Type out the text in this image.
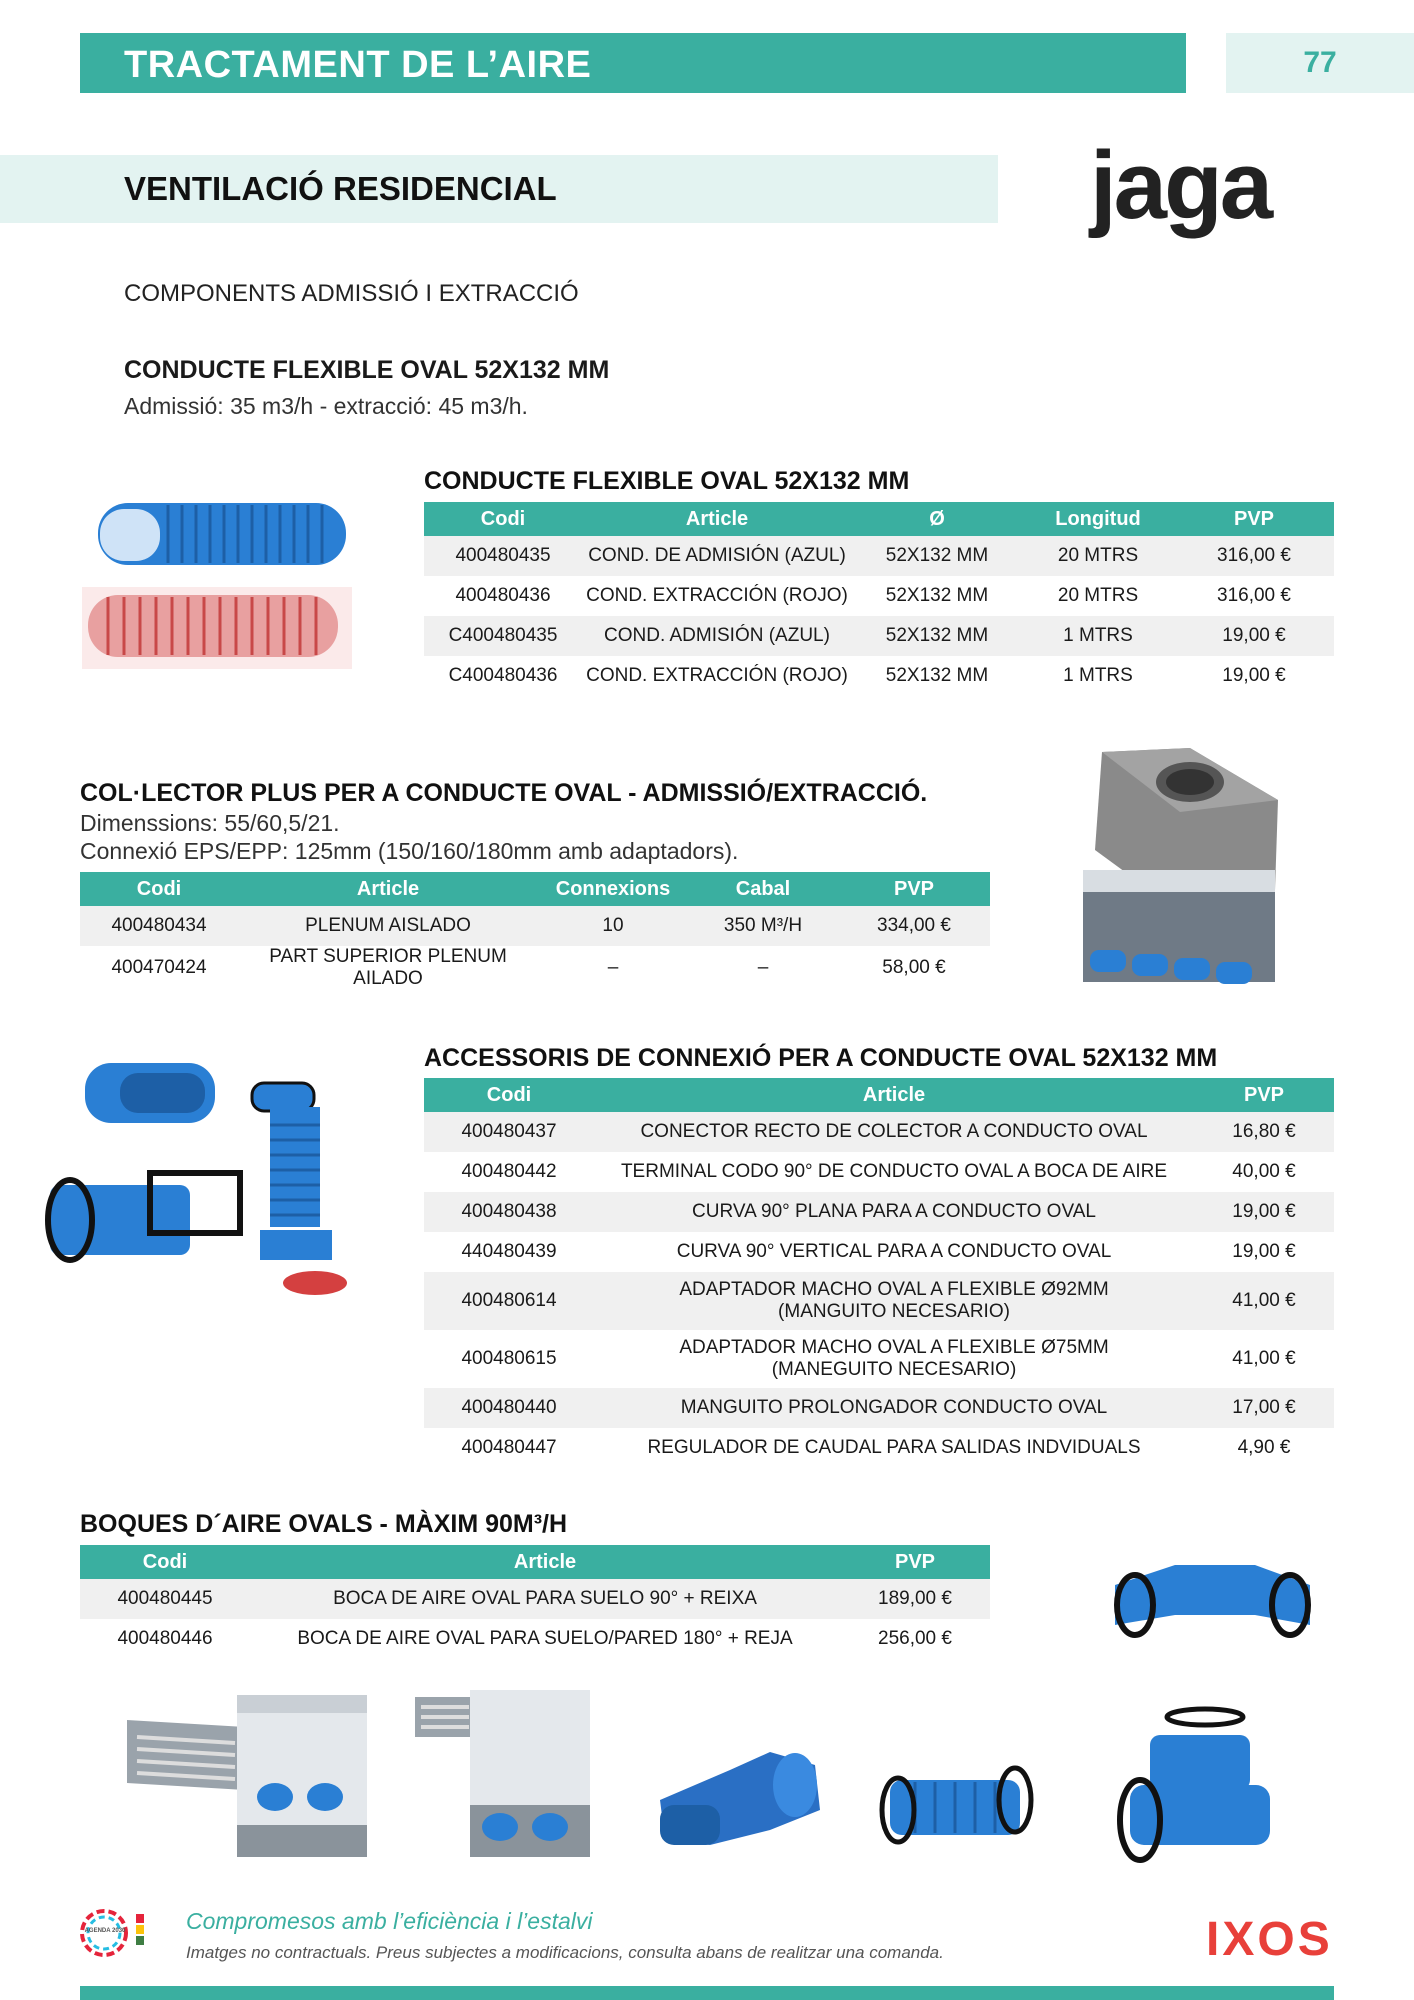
TRACTAMENT DE L’AIRE	77
VENTILACIÓ RESIDENCIAL	jaga
COMPONENTS ADMISSIÓ I EXTRACCIÓ
CONDUCTE FLEXIBLE OVAL 52X132 MM
Admissió: 35 m3/h - extracció: 45 m3/h.
CONDUCTE FLEXIBLE OVAL 52X132 MM
Codi	Article	Ø	Longitud	PVP
400480435	COND. DE ADMISIÓN (AZUL)	52X132 MM	20 MTRS	316,00 €
400480436	COND. EXTRACCIÓN (ROJO)	52X132 MM	20 MTRS	316,00 €
C400480435	COND. ADMISIÓN (AZUL)	52X132 MM	1 MTRS	19,00 €
C400480436	COND. EXTRACCIÓN (ROJO)	52X132 MM	1 MTRS	19,00 €
COL·LECTOR PLUS PER A CONDUCTE OVAL - ADMISSIÓ/EXTRACCIÓ.
Dimenssions: 55/60,5/21.
Connexió EPS/EPP: 125mm (150/160/180mm amb adaptadors).
Codi	Article	Connexions	Cabal	PVP
400480434	PLENUM AISLADO	10	350 M³/H	334,00 €
400470424	PART SUPERIOR PLENUM AILADO	–	–	58,00 €
ACCESSORIS DE CONNEXIÓ PER A CONDUCTE OVAL 52X132 MM
Codi	Article	PVP
400480437	CONECTOR RECTO DE COLECTOR A CONDUCTO OVAL	16,80 €
400480442	TERMINAL CODO 90° DE CONDUCTO OVAL A BOCA DE AIRE	40,00 €
400480438	CURVA 90° PLANA PARA A CONDUCTO OVAL	19,00 €
440480439	CURVA 90° VERTICAL PARA A CONDUCTO OVAL	19,00 €
400480614	ADAPTADOR MACHO OVAL A FLEXIBLE Ø92MM
(MANGUITO NECESARIO)	41,00 €
400480615	ADAPTADOR MACHO OVAL A FLEXIBLE Ø75MM
(MANEGUITO NECESARIO)	41,00 €
400480440	MANGUITO PROLONGADOR CONDUCTO OVAL	17,00 €
400480447	REGULADOR DE CAUDAL PARA SALIDAS INDVIDUALS	4,90 €
BOQUES D´AIRE OVALS - MÀXIM 90M³/H
Codi	Article	PVP
400480445	BOCA DE AIRE OVAL PARA SUELO 90° + REIXA	189,00 €
400480446	BOCA DE AIRE OVAL PARA SUELO/PARED 180° + REJA	256,00 €
AGENDA 2030	Compromesos amb l’eficiència i l’estalvi
Imatges no contractuals. Preus subjectes a modificacions, consulta abans de realitzar una comanda.	IXOS
